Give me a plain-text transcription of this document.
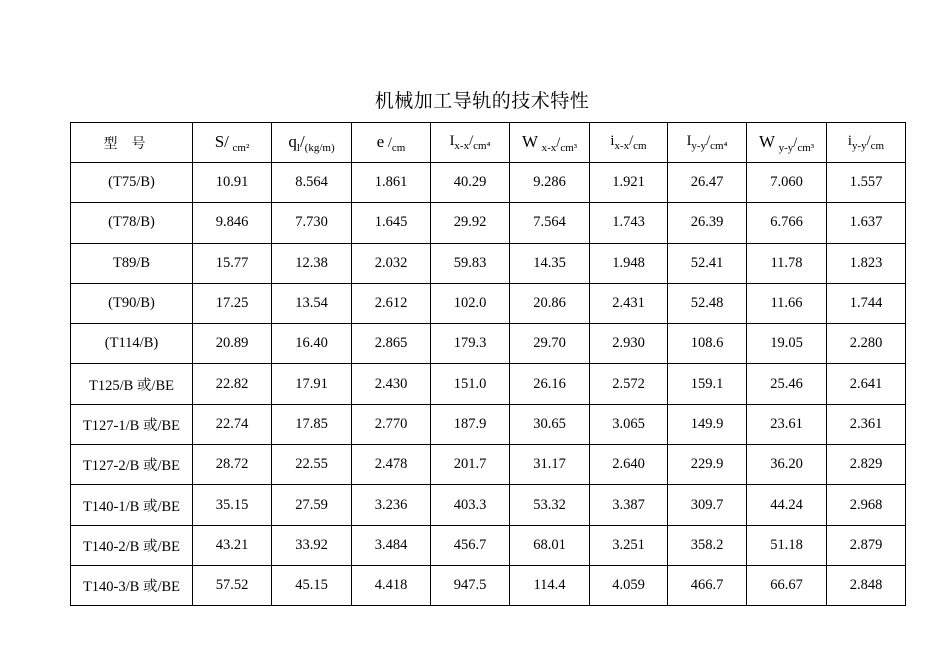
机械加工导轨的技术特性
型号	S/ $_{cm^2}$	$q_l/_{(kg/m)}$	e $/_{cm}$	$I_{x-x}/_{cm^4}$	W $_{x-x}/_{cm^3}$	$i_{x-x}/_{cm}$	$I_{y-y}/_{cm^4}$	W $_{y-y}/_{cm^3}$	$i_{y-y}/_{cm}$
(T75/B)	10.91	8.564	1.861	40.29	9.286	1.921	26.47	7.060	1.557
(T78/B)	9.846	7.730	1.645	29.92	7.564	1.743	26.39	6.766	1.637
T89/B	15.77	12.38	2.032	59.83	14.35	1.948	52.41	11.78	1.823
(T90/B)	17.25	13.54	2.612	102.0	20.86	2.431	52.48	11.66	1.744
(T114/B)	20.89	16.40	2.865	179.3	29.70	2.930	108.6	19.05	2.280
T125/B 或/BE	22.82	17.91	2.430	151.0	26.16	2.572	159.1	25.46	2.641
T127-1/B 或/BE	22.74	17.85	2.770	187.9	30.65	3.065	149.9	23.61	2.361
T127-2/B 或/BE	28.72	22.55	2.478	201.7	31.17	2.640	229.9	36.20	2.829
T140-1/B 或/BE	35.15	27.59	3.236	403.3	53.32	3.387	309.7	44.24	2.968
T140-2/B 或/BE	43.21	33.92	3.484	456.7	68.01	3.251	358.2	51.18	2.879
T140-3/B 或/BE	57.52	45.15	4.418	947.5	114.4	4.059	466.7	66.67	2.848
